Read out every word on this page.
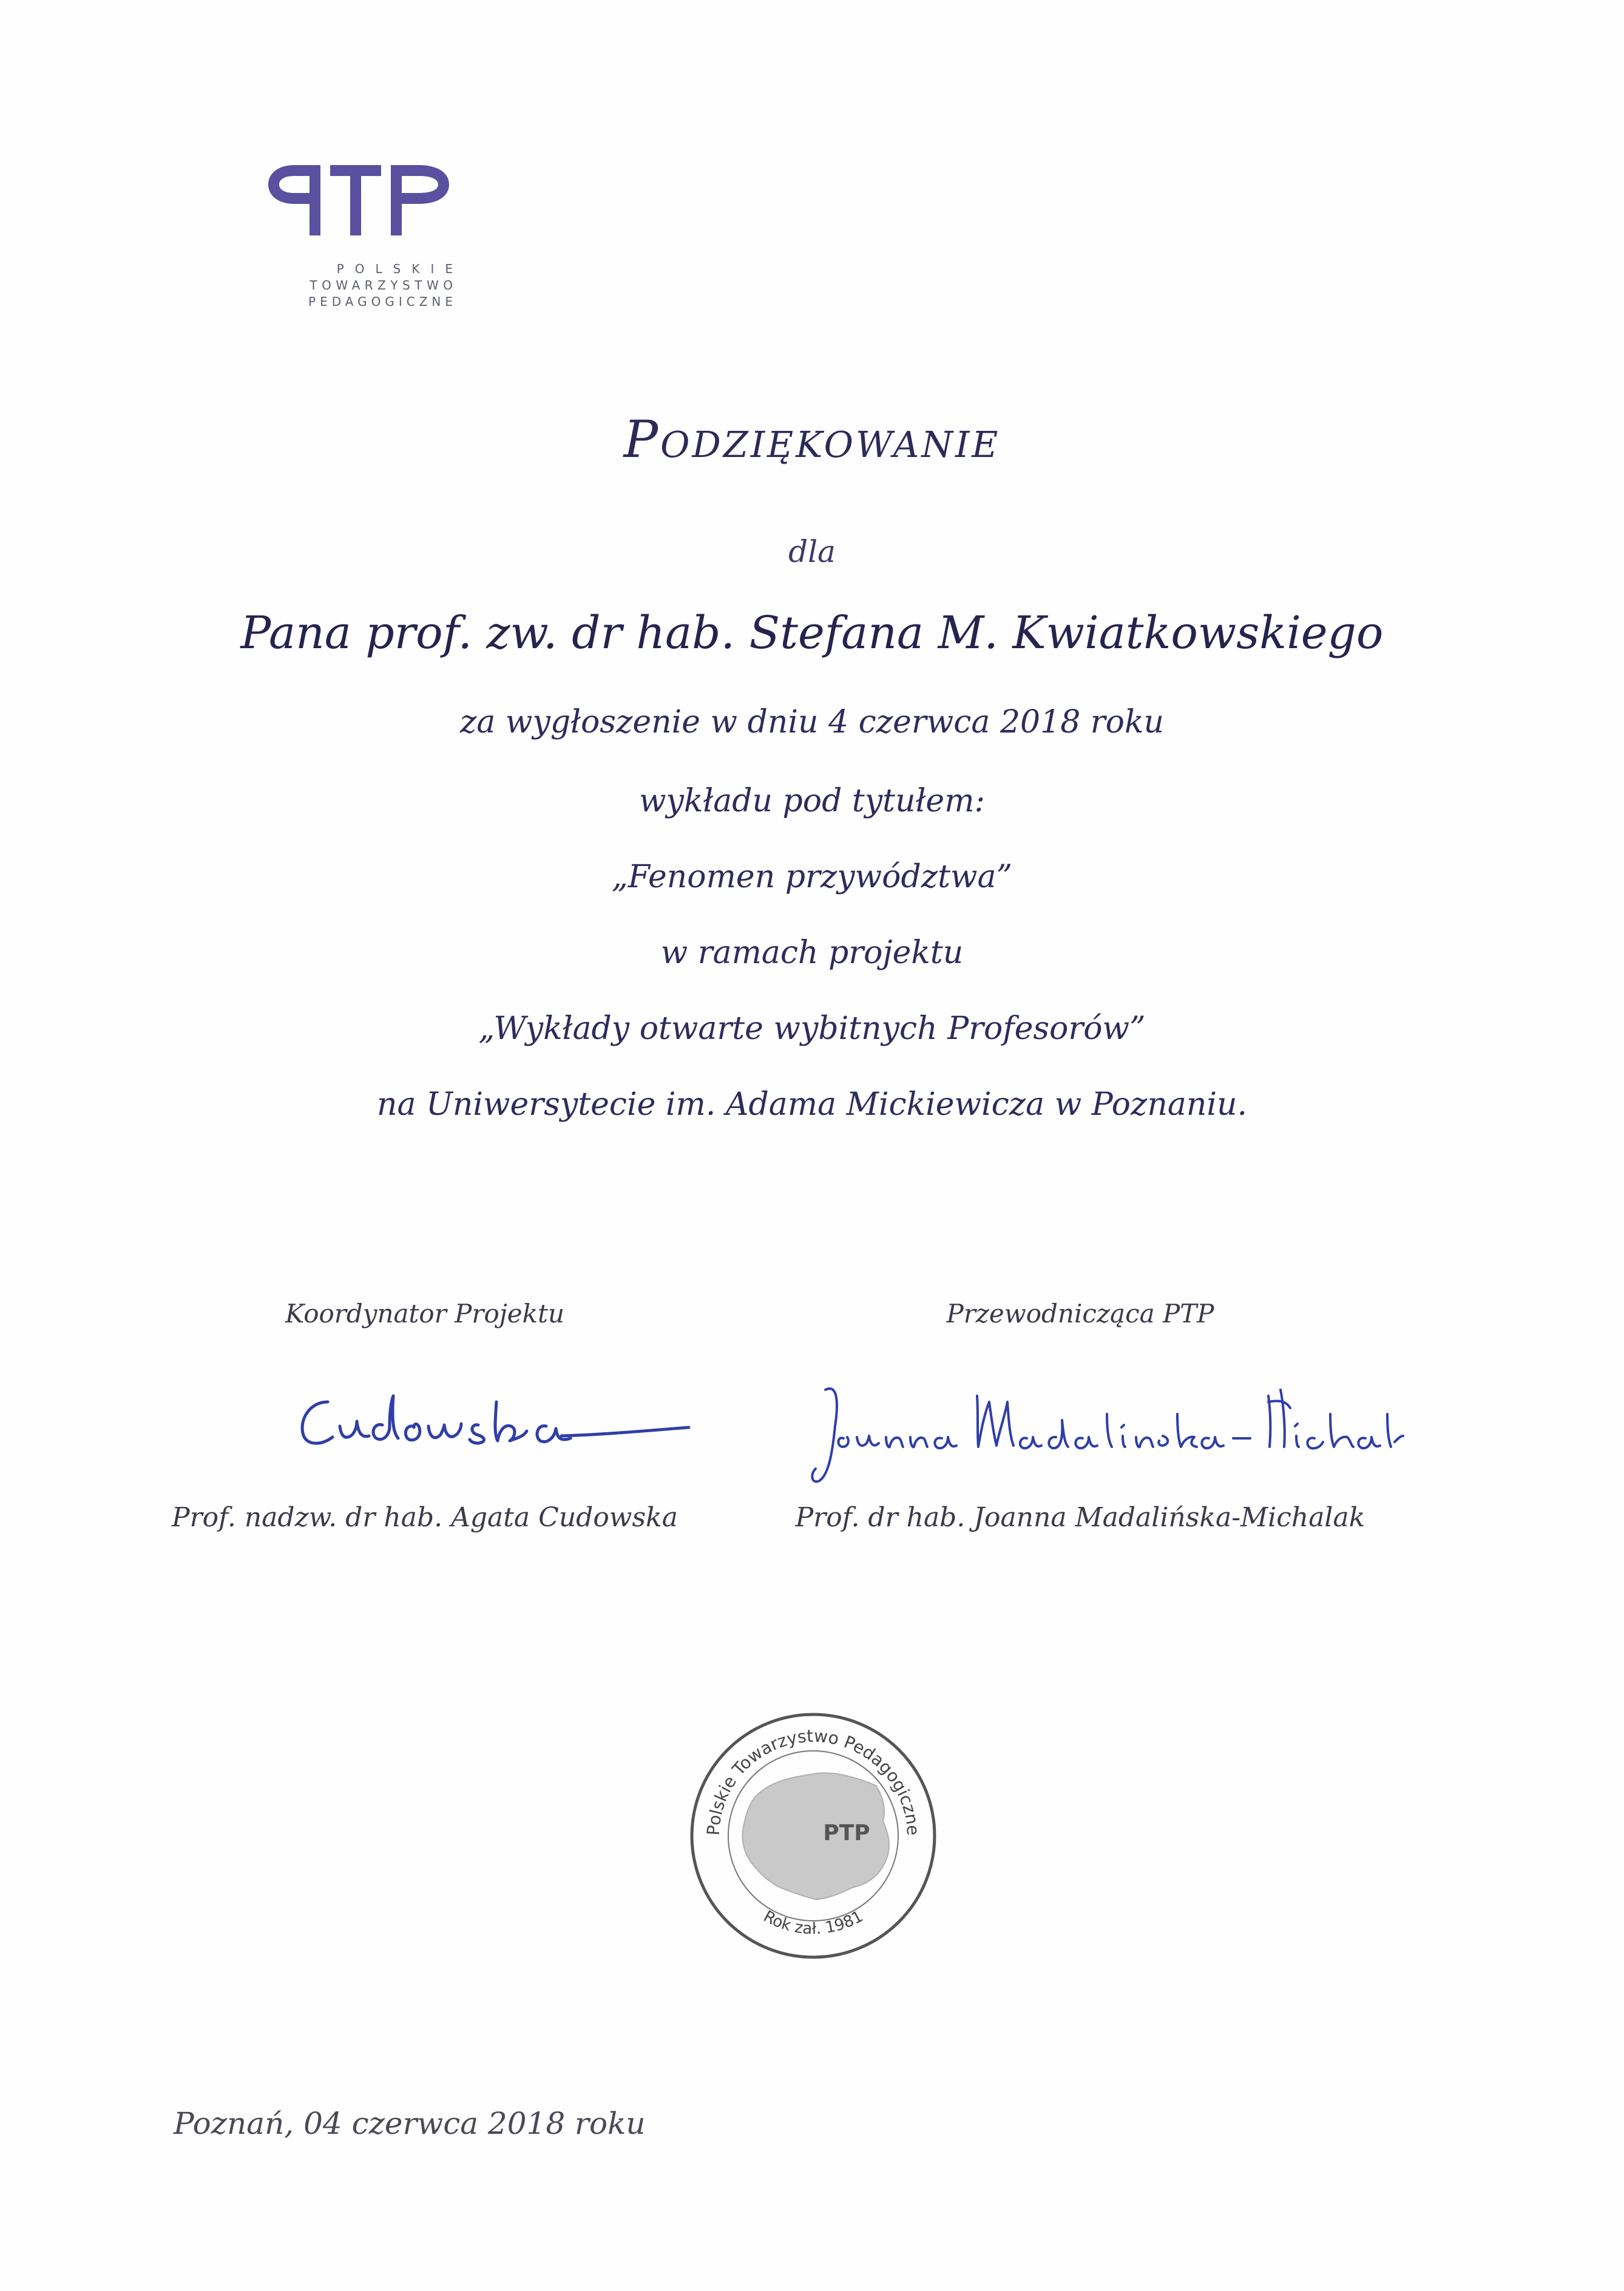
POLSKIE
TOWARZYSTWO
PEDAGOGICZNE
Podziękowanie
dla
Pana prof. zw. dr hab. Stefana M. Kwiatkowskiego
za wygłoszenie w dniu 4 czerwca 2018 roku
wykładu pod tytułem:
„Fenomen przywództwa”
w ramach projektu
„Wykłady otwarte wybitnych Profesorów”
na Uniwersytecie im. Adama Mickiewicza w Poznaniu.
Koordynator Projektu
Prof. nadzw. dr hab. Agata Cudowska
Przewodnicząca PTP
Prof. dr hab. Joanna Madalińska-Michalak
PTP
Polskie Towarzystwo Pedagogiczne
Rok zał. 1981
Poznań, 04 czerwca 2018 roku
